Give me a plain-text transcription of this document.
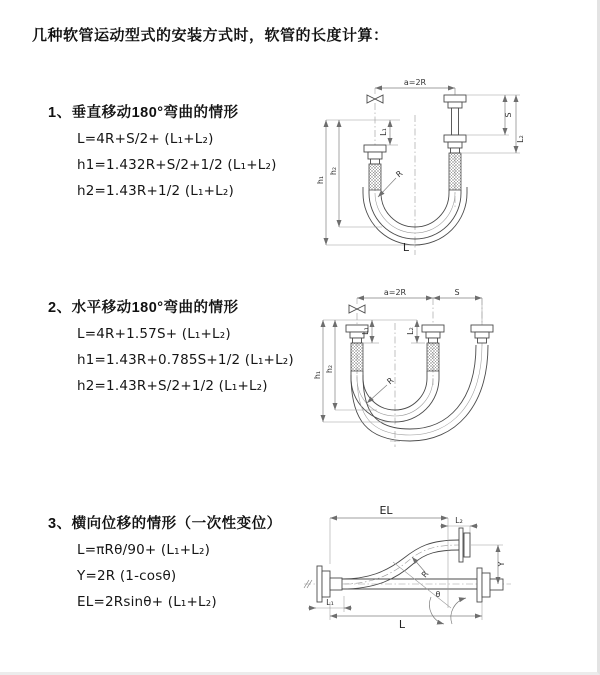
几种软管运动型式的安装方式时，软管的长度计算：
1、垂直移动180°弯曲的情形
L=4R+S/2+ (L₁+L₂)
h1=1.432R+S/2+1/2 (L₁+L₂)
h2=1.43R+1/2 (L₁+L₂)
2、水平移动180°弯曲的情形
L=4R+1.57S+ (L₁+L₂)
h1=1.43R+0.785S+1/2 (L₁+L₂)
h2=1.43R+S/2+1/2 (L₁+L₂)
3、横向位移的情形（一次性变位）
L=πRθ/90+ (L₁+L₂)
Y=2R (1-cosθ)
EL=2Rsinθ+ (L₁+L₂)
a=2R
h₁
h₂
L₁
S
L₂
R
L
a=2R	S
h₁
h₂
L₁	L₂
R
EL
L₂
θ
Y
R
L₁
L
